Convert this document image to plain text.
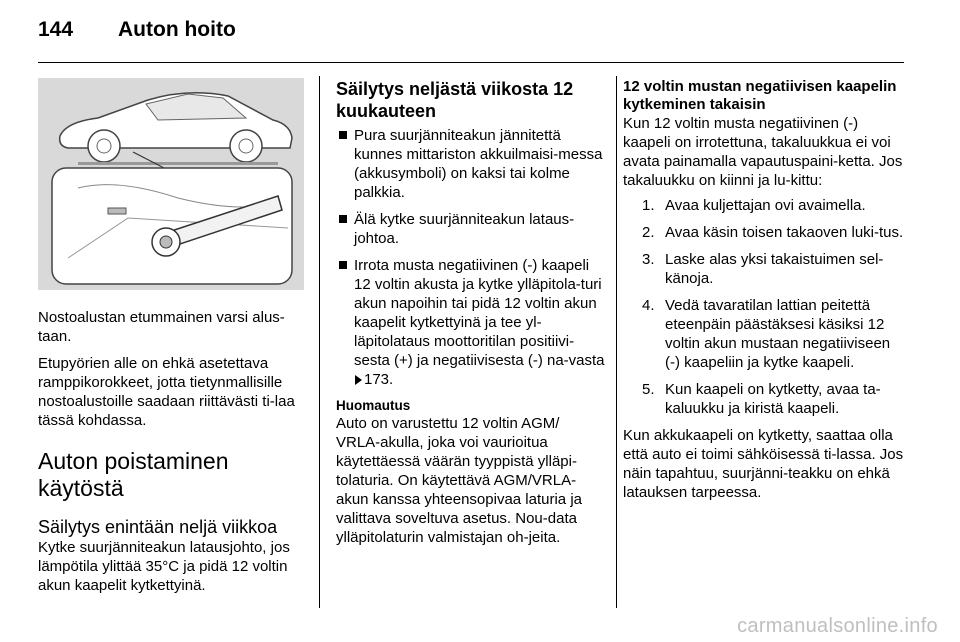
144	Auton hoito

Nostoalustan etummainen varsi alus-taan.

Etupyörien alle on ehkä asetettava ramppikorokkeet, jotta tietynmallisille nostoalustoille saadaan riittävästi ti-laa tässä kohdassa.

Auton poistaminen käytöstä
Säilytys enintään neljä viikkoa

Kytke suurjänniteakun latausjohto, jos lämpötila ylittää 35°C ja pidä 12 voltin akun kaapelit kytkettyinä.

Säilytys neljästä viikosta 12 kuukauteen
Pura suurjänniteakun jännitettä kunnes mittariston akkuilmaisi-messa (akkusymboli) on kaksi tai kolme palkkia.
Älä kytke suurjänniteakun lataus-johtoa.
Irrota musta negatiivinen (-) kaapeli 12 voltin akusta ja kytke ylläpitola-turi akun napoihin tai pidä 12 voltin akun kaapelit kytkettyinä ja tee yl-läpitolataus moottoritilan positiivi-sesta (+) ja negatiivisesta (-) na-vasta 173.
Huomautus

Auto on varustettu 12 voltin AGM/ VRLA-akulla, joka voi vaurioitua käytettäessä väärän tyyppistä ylläpi-tolaturia. On käytettävä AGM/VRLA-akun kanssa yhteensopivaa laturia ja valittava soveltuva asetus. Nou-data ylläpitolaturin valmistajan oh-jeita.

12 voltin mustan negatiivisen kaapelin kytkeminen takaisin

Kun 12 voltin musta negatiivinen (-) kaapeli on irrotettuna, takaluukkua ei voi avata painamalla vapautuspaini-ketta. Jos takaluukku on kiinni ja lu-kittu:

1. Avaa kuljettajan ovi avaimella.
2. Avaa käsin toisen takaoven luki-tus.
3. Laske alas yksi takaistuimen sel-känoja.
4. Vedä tavaratilan lattian peitettä eteenpäin päästäksesi käsiksi 12 voltin akun mustaan negatiiviseen (-) kaapeliin ja kytke kaapeli.
5. Kun kaapeli on kytketty, avaa ta-kaluukku ja kiristä kaapeli.

Kun akkukaapeli on kytketty, saattaa olla että auto ei toimi sähköisessä ti-lassa. Jos näin tapahtuu, suurjänni-teakku on ehkä latauksen tarpeessa.

carmanualsonline.info
